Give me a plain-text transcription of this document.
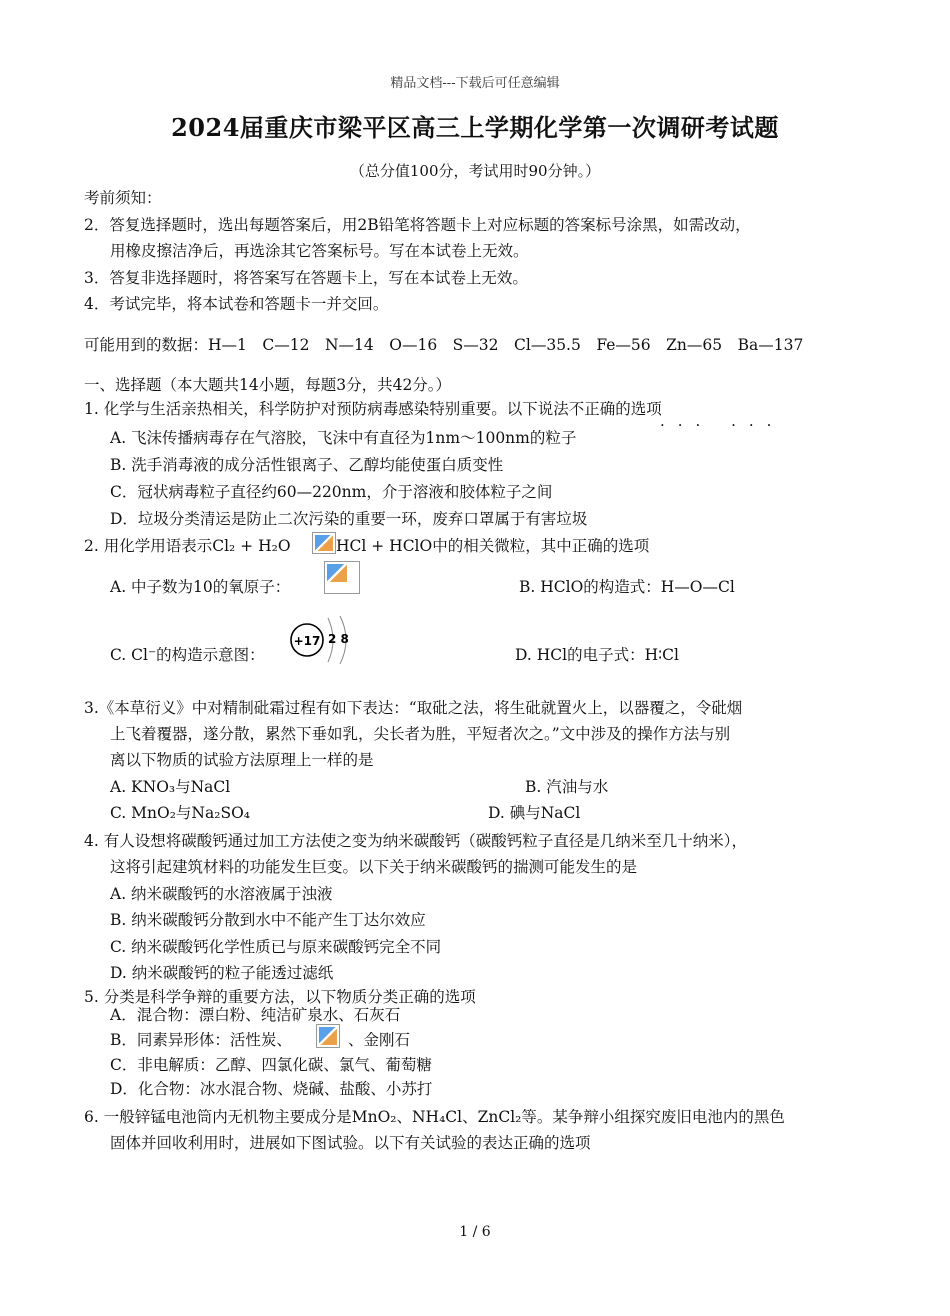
精品文档---下载后可任意编辑
2024届重庆市梁平区高三上学期化学第一次调研考试题
（总分值100分，考试用时90分钟。）
考前须知：
2．答复选择题时，选出每题答案后，用2B铅笔将答题卡上对应标题的答案标号涂黑，如需改动，
用橡皮擦洁净后，再选涂其它答案标号。写在本试卷上无效。
3．答复非选择题时，将答案写在答题卡上，写在本试卷上无效。
4．考试完毕，将本试卷和答题卡一并交回。
可能用到的数据：H—1　C—12　N—14　O—16　S—32　Cl—35.5　Fe—56　Zn—65　Ba—137
一、选择题（本大题共14小题，每题3分，共42分。）
1. 化学与生活亲热相关，科学防护对预防病毒感染特别重要。以下说法不正确的选项
··· ···
A. 飞沫传播病毒存在气溶胶，飞沫中有直径为1nm～100nm的粒子
B. 洗手消毒液的成分活性银离子、乙醇均能使蛋白质变性
C．冠状病毒粒子直径约60—220nm，介于溶液和胶体粒子之间
D．垃圾分类清运是防止二次污染的重要一环，废弃口罩属于有害垃圾
2. 用化学用语表示Cl₂ + H₂O	HCl + HClO中的相关微粒，其中正确的选项
A. 中子数为10的氧原子：	B. HClO的构造式：H—O—Cl
C. Cl⁻的构造示意图：
+17 2 8
D. HCl的电子式：H∶Cl
3.《本草衍义》中对精制砒霜过程有如下表达：“取砒之法，将生砒就置火上，以器覆之，令砒烟
上飞着覆器，遂分散，累然下垂如乳，尖长者为胜，平短者次之。”文中涉及的操作方法与别
离以下物质的试验方法原理上一样的是
A. KNO₃与NaCl	B. 汽油与水
C. MnO₂与Na₂SO₄	D. 碘与NaCl
4. 有人设想将碳酸钙通过加工方法使之变为纳米碳酸钙（碳酸钙粒子直径是几纳米至几十纳米），
这将引起建筑材料的功能发生巨变。以下关于纳米碳酸钙的揣测可能发生的是
A. 纳米碳酸钙的水溶液属于浊液
B. 纳米碳酸钙分散到水中不能产生丁达尔效应
C. 纳米碳酸钙化学性质已与原来碳酸钙完全不同
D. 纳米碳酸钙的粒子能透过滤纸
5. 分类是科学争辩的重要方法，以下物质分类正确的选项
A．混合物：漂白粉、纯洁矿泉水、石灰石
B．同素异形体：活性炭、	、金刚石
C．非电解质：乙醇、四氯化碳、氯气、葡萄糖
D．化合物：冰水混合物、烧碱、盐酸、小苏打
6. 一般锌锰电池筒内无机物主要成分是MnO₂、NH₄Cl、ZnCl₂等。某争辩小组探究废旧电池内的黑色
固体并回收利用时，进展如下图试验。以下有关试验的表达正确的选项
1 / 6
